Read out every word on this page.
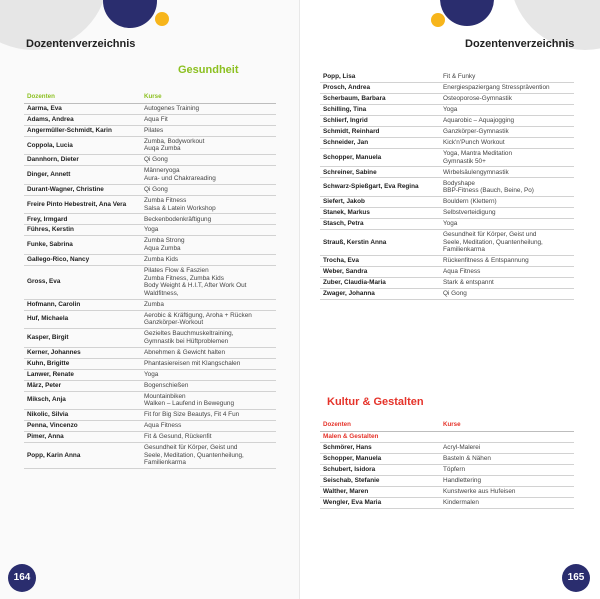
Dozentenverzeichnis
Gesundheit
Dozenten	Kurse
Aarma, Eva	Autogenes Training
Adams, Andrea	Aqua Fit
Angermüller-Schmidt, Karin	Pilates
Coppola, Lucia	Zumba, Bodyworkout
Auqa Zumba
Dannhorn, Dieter	Qi Gong
Dinger, Annett	Männeryoga
Aura- und Chakrareading
Durant-Wagner, Christine	Qi Gong
Freire Pinto Hebestreit, Ana Vera	Zumba Fitness
Salsa & Latein Workshop
Frey, Irmgard	Beckenbodenkräftigung
Führes, Kerstin	Yoga
Funke, Sabrina	Zumba Strong
Aqua Zumba
Gallego-Rico, Nancy	Zumba Kids
Gross, Eva	Pilates Flow & Faszien
Zumba Fitness, Zumba Kids
Body Weight & H.I.T, After Work Out
Waldfitness,
Hofmann, Carolin	Zumba
Huf, Michaela	Aerobic & Kräftigung, Aroha + Rücken
Ganzkörper-Workout
Kasper, Birgit	Gezieltes Bauchmuskeltraining,
Gymnastik bei Hüftproblemen
Kerner, Johannes	Abnehmen & Gewicht halten
Kuhn, Brigitte	Phantasiereisen mit Klangschalen
Lanwer, Renate	Yoga
März, Peter	Bogenschießen
Miksch, Anja	Mountainbiken
Walken – Laufend in Bewegung
Nikolic, Silvia	Fit for Big Size Beautys, Fit 4 Fun
Penna, Vincenzo	Aqua Fitness
Pimer, Anna	Fit & Gesund, Rückenfit
Popp, Karin Anna	Gesundheit für Körper, Geist und
Seele, Meditation, Quantenheilung,
Familienkarma
164
Dozentenverzeichnis
Popp, Lisa	Fit & Funky
Prosch, Andrea	Energiespaziergang Stressprävention
Scherbaum, Barbara	Osteoporose-Gymnastik
Schilling, Tina	Yoga
Schlierf, Ingrid	Aquarobic – Aquajogging
Schmidt, Reinhard	Ganzkörper-Gymnastik
Schneider, Jan	Kick'n'Punch Workout
Schopper, Manuela	Yoga, Mantra Meditation
Gymnastik 50+
Schreiner, Sabine	Wirbelsäulengymnastik
Schwarz-Spießgart, Eva Regina	Bodyshape
BBP-Fitness (Bauch, Beine, Po)
Siefert, Jakob	Bouldern (Klettern)
Stanek, Markus	Selbstverteidigung
Stasch, Petra	Yoga
Strauß, Kerstin Anna	Gesundheit für Körper, Geist und
Seele, Meditation, Quantenheilung,
Familienkarma
Trocha, Eva	Rückenfitness & Entspannung
Weber, Sandra	Aqua Fitness
Zuber, Claudia-Maria	Stark & entspannt
Zwager, Johanna	Qi Gong
Kultur & Gestalten
Dozenten	Kurse
Malen & Gestalten	
Schmörer, Hans	Acryl-Malerei
Schopper, Manuela	Basteln & Nähen
Schubert, Isidora	Töpfern
Seischab, Stefanie	Handlettering
Walther, Maren	Kunstwerke aus Hufeisen
Wengler, Eva Maria	Kindermalen
165
